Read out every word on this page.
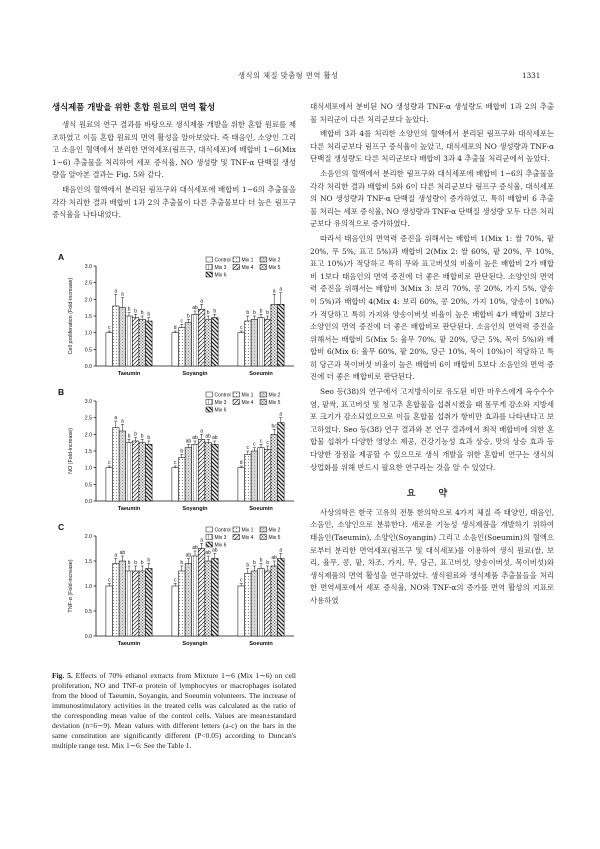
생식의 체질 맞춤형 면역 활성	1331
생식제품 개발을 위한 혼합 원료의 면역 활성

생식 원료의 연구 결과를 바탕으로 생식제품 개발을 위한 혼합 원료를 제조하였고 이들 혼합 원료의 면역 활성을 알아보았다. 즉 태음인, 소양인 그리고 소음인 혈액에서 분리한 면역세포(림프구, 대식세포)에 배합비 1∼6(Mix 1∼6) 추출물을 처리하여 세포 증식율, NO 생성량 및 TNF-α 단백질 생성량을 알아본 결과는 Fig. 5와 같다.

태음인의 혈액에서 분리된 림프구와 대식세포에 배합비 1∼6의 추출물을 각각 처리한 결과 배합비 1과 2의 추출물이 다른 추출물보다 더 높은 림프구 증식율을 나타내었다.

A
0.0
0.5
1.0
1.5
2.0
2.5
3.0
Cell proliferation (Fold-increase)
Control Mix 1	Mix 2
Mix 3	Mix 4	Mix 5
Mix 6
c
a
a
b b b b
Taeumin
d
c
b
ab
a
b b
Soyangin
c
b b b b
a a
Soeumin
B
0.0
0.5
1.0
1.5
2.0
2.5
3.0
NO (Fold-increase)
Control Mix 1	Mix 2
Mix 3	Mix 4	Mix 5
Mix 6
c
a
a
b b b b
Taeumin
c
b
ab
ab
a
ab ab
Soyangin
d
c
c
c c
bc
a
Soeumin
C
0.0
0.5
1.0
1.5
2.0
TNF-α (Fold-increase)
Control Mix 1	Mix 2
Mix 3	Mix 4	Mix 5
Mix 6
c
a ab
b b b b
Taeumin
c
b
ab
ab
a
ab ab
Soyangin
c
b b b b
ab
a
Soeumin
Fig. 5. Effects of 70% ethanol extracts from Mixture 1∼6 (Mix 1∼6) on cell proliferation, NO and TNF-α protein of lymphocytes or macrophages isolated from the blood of Taeumin, Soyangin, and Soeumin volunteers. The increase of immunostimulatory activities in the treated cells was calculated as the ratio of the corresponding mean value of the control cells. Values are mean±standard deviation (n=6∼9). Mean values with different letters (a-c) on the bars in the same constitution are significantly different (P<0.05) according to Duncan's multiple range test. Mix 1∼6: See the Table 1.

대식세포에서 분비된 NO 생성량과 TNF-α 생성량도 배합비 1과 2의 추출물 처리군이 다른 처리군보다 높았다.

배합비 3과 4를 처리한 소양인의 혈액에서 분리된 림프구와 대식세포는 다른 처리군보다 림프구 증식율이 높았고, 대식세포의 NO 생성량과 TNF-α 단백질 생성량도 다른 처리군보다 배합비 3과 4 추출물 처리군에서 높았다.

소음인의 혈액에서 분리한 림프구와 대식세포에 배합비 1∼6의 추출물을 각각 처리한 결과 배합비 5와 6이 다른 처리군보다 림프구 증식율, 대식세포의 NO 생성량과 TNF-α 단백질 생성량이 증가하였고, 특히 배합비 6 추출물 처리는 세포 증식율, NO 생성량과 TNF-α 단백질 생성량 모두 다른 처리군보다 유의적으로 증가하였다.

따라서 태음인의 면역력 증진을 위해서는 배합비 1(Mix 1: 쌀 70%, 팥 20%, 무 5%, 표고 5%)과 배합비 2(Mix 2: 쌀 60%, 팥 20%, 무 10%, 표고 10%)가 적당하고 특히 무와 표고버섯의 비율이 높은 배합비 2가 배합비 1보다 태음인의 면역 증진에 더 좋은 배합비로 판단된다. 소양인의 면역력 증진을 위해서는 배합비 3(Mix 3: 보리 70%, 콩 20%, 가지 5%, 양송이 5%)과 배합비 4(Mix 4: 보리 60%, 콩 20%, 가지 10%, 양송이 10%)가 적당하고 특히 가지와 양송이버섯 비율이 높은 배합비 4가 배합비 3보다 소양인의 면역 증진에 더 좋은 배합비로 판단된다. 소음인의 면역력 증진을 위해서는 배합비 5(Mix 5: 율무 70%, 팥 20%, 당근 5%, 목이 5%)와 배합비 6(Mix 6: 율무 60%, 팥 20%, 당근 10%, 목이 10%)이 적당하고 특히 당근과 목이버섯 비율이 높은 배합비 6이 배합비 5보다 소음인의 면역 증진에 더 좋은 배합비로 판단된다.

Seo 등(38)의 연구에서 고지방식이로 유도된 비만 마우스에게 옥수수수염, 팥싹, 표고버섯 및 청고추 혼합물을 섭취시켰을 때 몸무게 감소와 지방세포 크기가 감소되었으므로 이들 혼합물 섭취가 항비만 효과를 나타낸다고 보고하였다. Seo 등(38) 연구 결과와 본 연구 결과에서 최적 배합비에 의한 혼합물 섭취가 다양한 영양소 제공, 건강기능성 효과 상승, 맛의 상승 효과 등 다양한 장점을 제공할 수 있으므로 생식 개발을 위한 혼합비 연구는 생식의 상업화를 위해 반드시 필요한 연구라는 것을 알 수 있었다.

요 약

사상의학은 한국 고유의 전통 한의학으로 4가지 체질 즉 태양인, 태음인, 소음인, 소양인으로 분류한다. 새로운 기능성 생식제품을 개발하기 위하여 태음인(Taeumin), 소양인(Soyangin) 그리고 소음인(Soeumin)의 혈액으로부터 분리한 면역세포(림프구 및 대식세포)를 이용하여 생식 원료(쌀, 보리, 율무, 콩, 팥, 차조, 가지, 무, 당근, 표고버섯, 양송이버섯, 목이버섯)와 생식제품의 면역 활성을 연구하였다. 생식원료와 생식제품 추출물들을 처리한 면역세포에서 세포 증식율, NO와 TNF-α의 증가를 면역 활성의 지표로 사용하였
